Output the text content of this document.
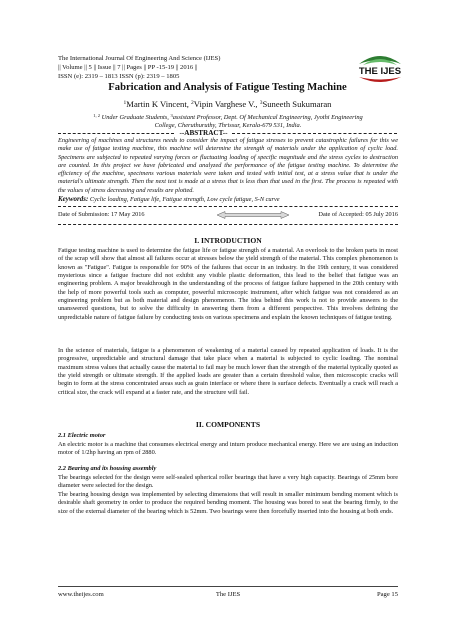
The International Journal Of Engineering And Science (IJES)
|| Volume || 5 || Issue || 7 || Pages || PP -15-19 || 2016 ||
ISSN (e): 2319 – 1813 ISSN (p): 2319 – 1805	THE IJES
Fabrication and Analysis of Fatigue Testing Machine
$^1$Martin K Vincent, $^2$Vipin Varghese V., $^3$Suneeth Sukumaran
$^{1, 2}$ Under Graduate Students, $^3$assistant Professor, Dept. Of Mechanical Engineering, Jyothi Engineering
College, Cheruthuruthy, Thrissur, Kerala-679 531, India.
--ABSTRACT--
Engineering of machines and structures needs to consider the impact of fatigue stresses to prevent catastrophic failures for this we make use of fatigue testing machine, this machine will determine the strength of materials under the application of cyclic load. Specimens are subjected to repeated varying forces or fluctuating loading of specific magnitude and the stress cycles to destruction are counted. In this project we have fabricated and analyzed the performance of the fatigue testing machine. To determine the efficiency of the machine, specimens various materials were taken and tested with initial test, at a stress value that is under the material's ultimate strength. Then the next test is made at a stress that is less than that used in the first. The process is repeated with the values of stress decreasing and results are plotted.
Keywords: Cyclic loading, Fatigue life, Fatigue strength, Low cycle fatigue, S-N curve
Date of Submission: 17 May 2016	Date of Accepted: 05 July 2016
I. INTRODUCTION
Fatigue testing machine is used to determine the fatigue life or fatigue strength of a material. An overlook to the broken parts in most of the scrap will show that almost all failures occur at stresses below the yield strength of the material. This complex phenomenon is known as "Fatigue". Fatigue is responsible for 90% of the failures that occur in an industry. In the 19th century, it was considered mysterious since a fatigue fracture did not exhibit any visible plastic deformation, this lead to the belief that fatigue was an engineering problem. A major breakthrough in the understanding of the process of fatigue failure happened in the 20th century with the help of more powerful tools such as computer, powerful microscopic instrument, after which fatigue was not considered as an engineering problem but as both material and design phenomenon. The idea behind this work is not to provide answers to the unanswered questions, but to solve the difficulty in answering them from a different perspective. This involves defining the unpredictable nature of fatigue failure by conducting tests on various specimens and explain the known techniques of fatigue testing.
In the science of materials, fatigue is a phenomenon of weakening of a material caused by repeated application of loads. It is the progressive, unpredictable and structural damage that take place when a material is subjected to cyclic loading. The nominal maximum stress values that actually cause the material to fail may be much lower than the strength of the material typically quoted as the yield strength or ultimate strength. If the applied loads are greater than a certain threshold value, then microscopic cracks will begin to form at the stress concentrated areas such as grain interface or where there is surface defects. Eventually a crack will reach a critical size, the crack will expand at a faster rate, and the structure will fail.
II. COMPONENTS
2.1 Electric motor
An electric motor is a machine that consumes electrical energy and inturn produce mechanical energy. Here we are using an induction motor of 1/2hp having an rpm of 2880.
2.2 Bearing and its housing assembly
The bearings selected for the design were self-sealed spherical roller bearings that have a very high capacity. Bearings of 25mm bore diameter were selected for the design.
The bearing housing design was implemented by selecting dimensions that will result in smaller minimum bending moment which is desirable shaft geometry in order to produce the required bending moment. The housing was bored to seat the bearing firmly, to the size of the external diameter of the bearing which is 52mm. Two bearings were then forcefully inserted into the housing at both ends.
www.theijes.com	The IJES	Page 15
